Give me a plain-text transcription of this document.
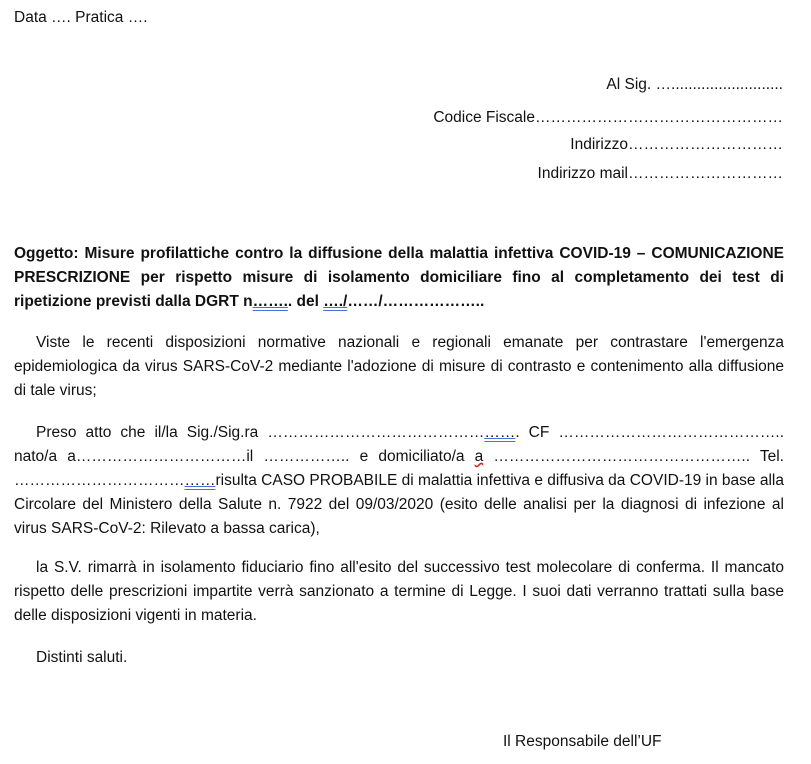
Data …. Pratica ….
Al Sig. …..........................
Codice Fiscale…………………………………………
Indirizzo…………………………
Indirizzo mail…………………………
Oggetto: Misure profilattiche contro la diffusione della malattia infettiva COVID-19 – COMUNICAZIONE PRESCRIZIONE per rispetto misure di isolamento domiciliare fino al completamento dei test di ripetizione previsti dalla DGRT n…….. del …./……/………………..
Viste le recenti disposizioni normative nazionali e regionali emanate per contrastare l'emergenza epidemiologica da virus SARS-CoV-2 mediante l'adozione di misure di contrasto e contenimento alla diffusione di tale virus;
Preso atto che il/la Sig./Sig.ra …………………………………………. CF …………………………………….. nato/a a……………………………il …………….. e domiciliato/a a ………………………………………….. Tel. …………………………………risulta CASO PROBABILE di malattia infettiva e diffusiva da COVID-19 in base alla Circolare del Ministero della Salute n. 7922 del 09/03/2020 (esito delle analisi per la diagnosi di infezione al virus SARS-CoV-2: Rilevato a bassa carica),
la S.V. rimarrà in isolamento fiduciario fino all'esito del successivo test molecolare di conferma. Il mancato rispetto delle prescrizioni impartite verrà sanzionato a termine di Legge. I suoi dati verranno trattati sulla base delle disposizioni vigenti in materia.
Distinti saluti.
Il Responsabile dell’UF
